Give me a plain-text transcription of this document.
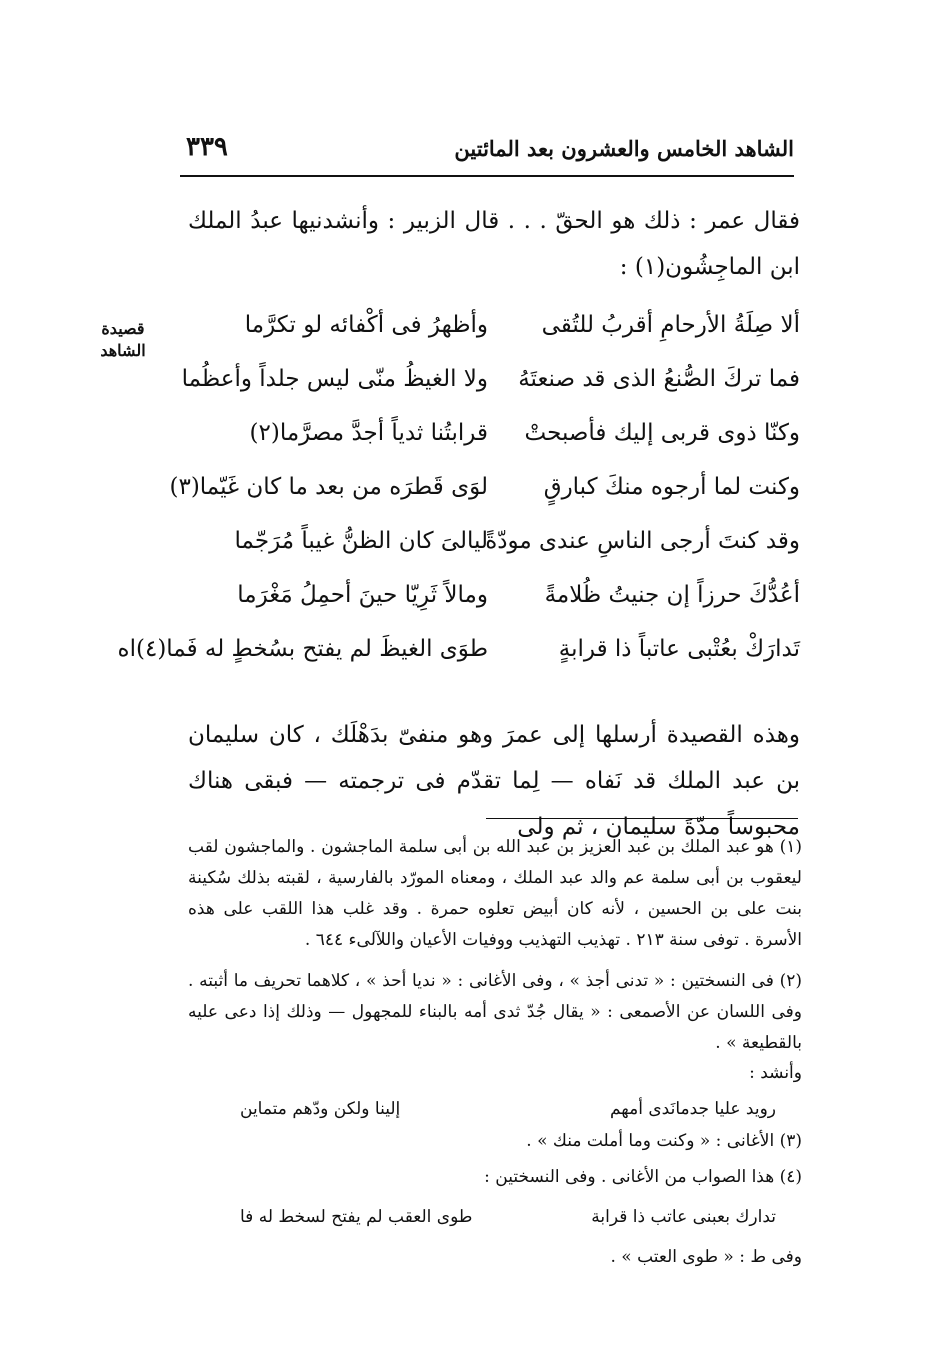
الشاهد الخامس والعشرون بعد المائتين
٣٣٩

فقال عمر : ذلك هو الحقّ . . . قال الزبير : وأنشدنيها عبدُ الملك ابن الماجِشُون(١) :

قصيدة
الشاهد
ألا صِلَةُ الأرحامِ أقربُ للتُقى
وأظهرُ فى أكْفائه لو تكرَّما
فما تركَ الصُّنعُ الذى قد صنعتَهُ
ولا الغيظُ منّى ليس جلداً وأعظُما
وكنّا ذوى قربى إليك فأصبحتْ
قرابتُنا ثدياً أجدَّ مصرَّما(٢)
وكنت لما أرجوه منكَ كبارقٍ
لوَى قَطرَه من بعد ما كان غَيّما(٣)
وقد كنتَ أرجى الناسِ عندى مودّةً
ليالىَ كان الظنُّ غيباً مُرَجّما
أعُدُّكَ حرزاً إن جنيتُ ظُلامةً
ومالاً ثَرِيّا حينَ أحمِلُ مَغْرَما
تَدارَكْ بعُتْبى عاتباً ذا قرابةٍ
طوَى الغيظَ لم يفتح بسُخطٍ له فَما(٤)اه

وهذه القصيدة أرسلها إلى عمرَ وهو منفىّ بدَهْلَك ، كان سليمان بن عبد الملك قد نَفاه — لِما تقدّم فى ترجمته — فبقى هناك محبوساً مدّةَ سليمان ، ثم ولى

(١) هو عبد الملك بن عبد العزيز بن عبد الله بن أبى سلمة الماجشون . والماجشون لقب ليعقوب بن أبى سلمة عم والد عبد الملك ، ومعناه المورّد بالفارسية ، لقبته بذلك سُكينة بنت على بن الحسين ، لأنه كان أبيض تعلوه حمرة . وقد غلب هذا اللقب على هذه الأسرة . توفى سنة ٢١٣ . تهذيب التهذيب ووفيات الأعيان واللآلىء ٦٤٤ .

(٢) فى النسختين : « تدنى أجذ » ، وفى الأغانى : « نديا أحذ » ، كلاهما تحريف ما أثبته . وفى اللسان عن الأصمعى : « يقال جُدّ ثدى أمه بالبناء للمجهول — وذلك إذا دعى عليه بالقطيعة » .

وأنشد :
رويد عليا جدمانَدى أمهم
إلينا ولكن ودّهم متماين
(٣) الأغانى : « وكنت وما أملت منك » .
(٤) هذا الصواب من الأغانى . وفى النسختين :
تدارك بعبنى عاتب ذا قرابة
طوى العقب لم يفتح لسخط له فا
وفى ط : « طوى العتب » .
